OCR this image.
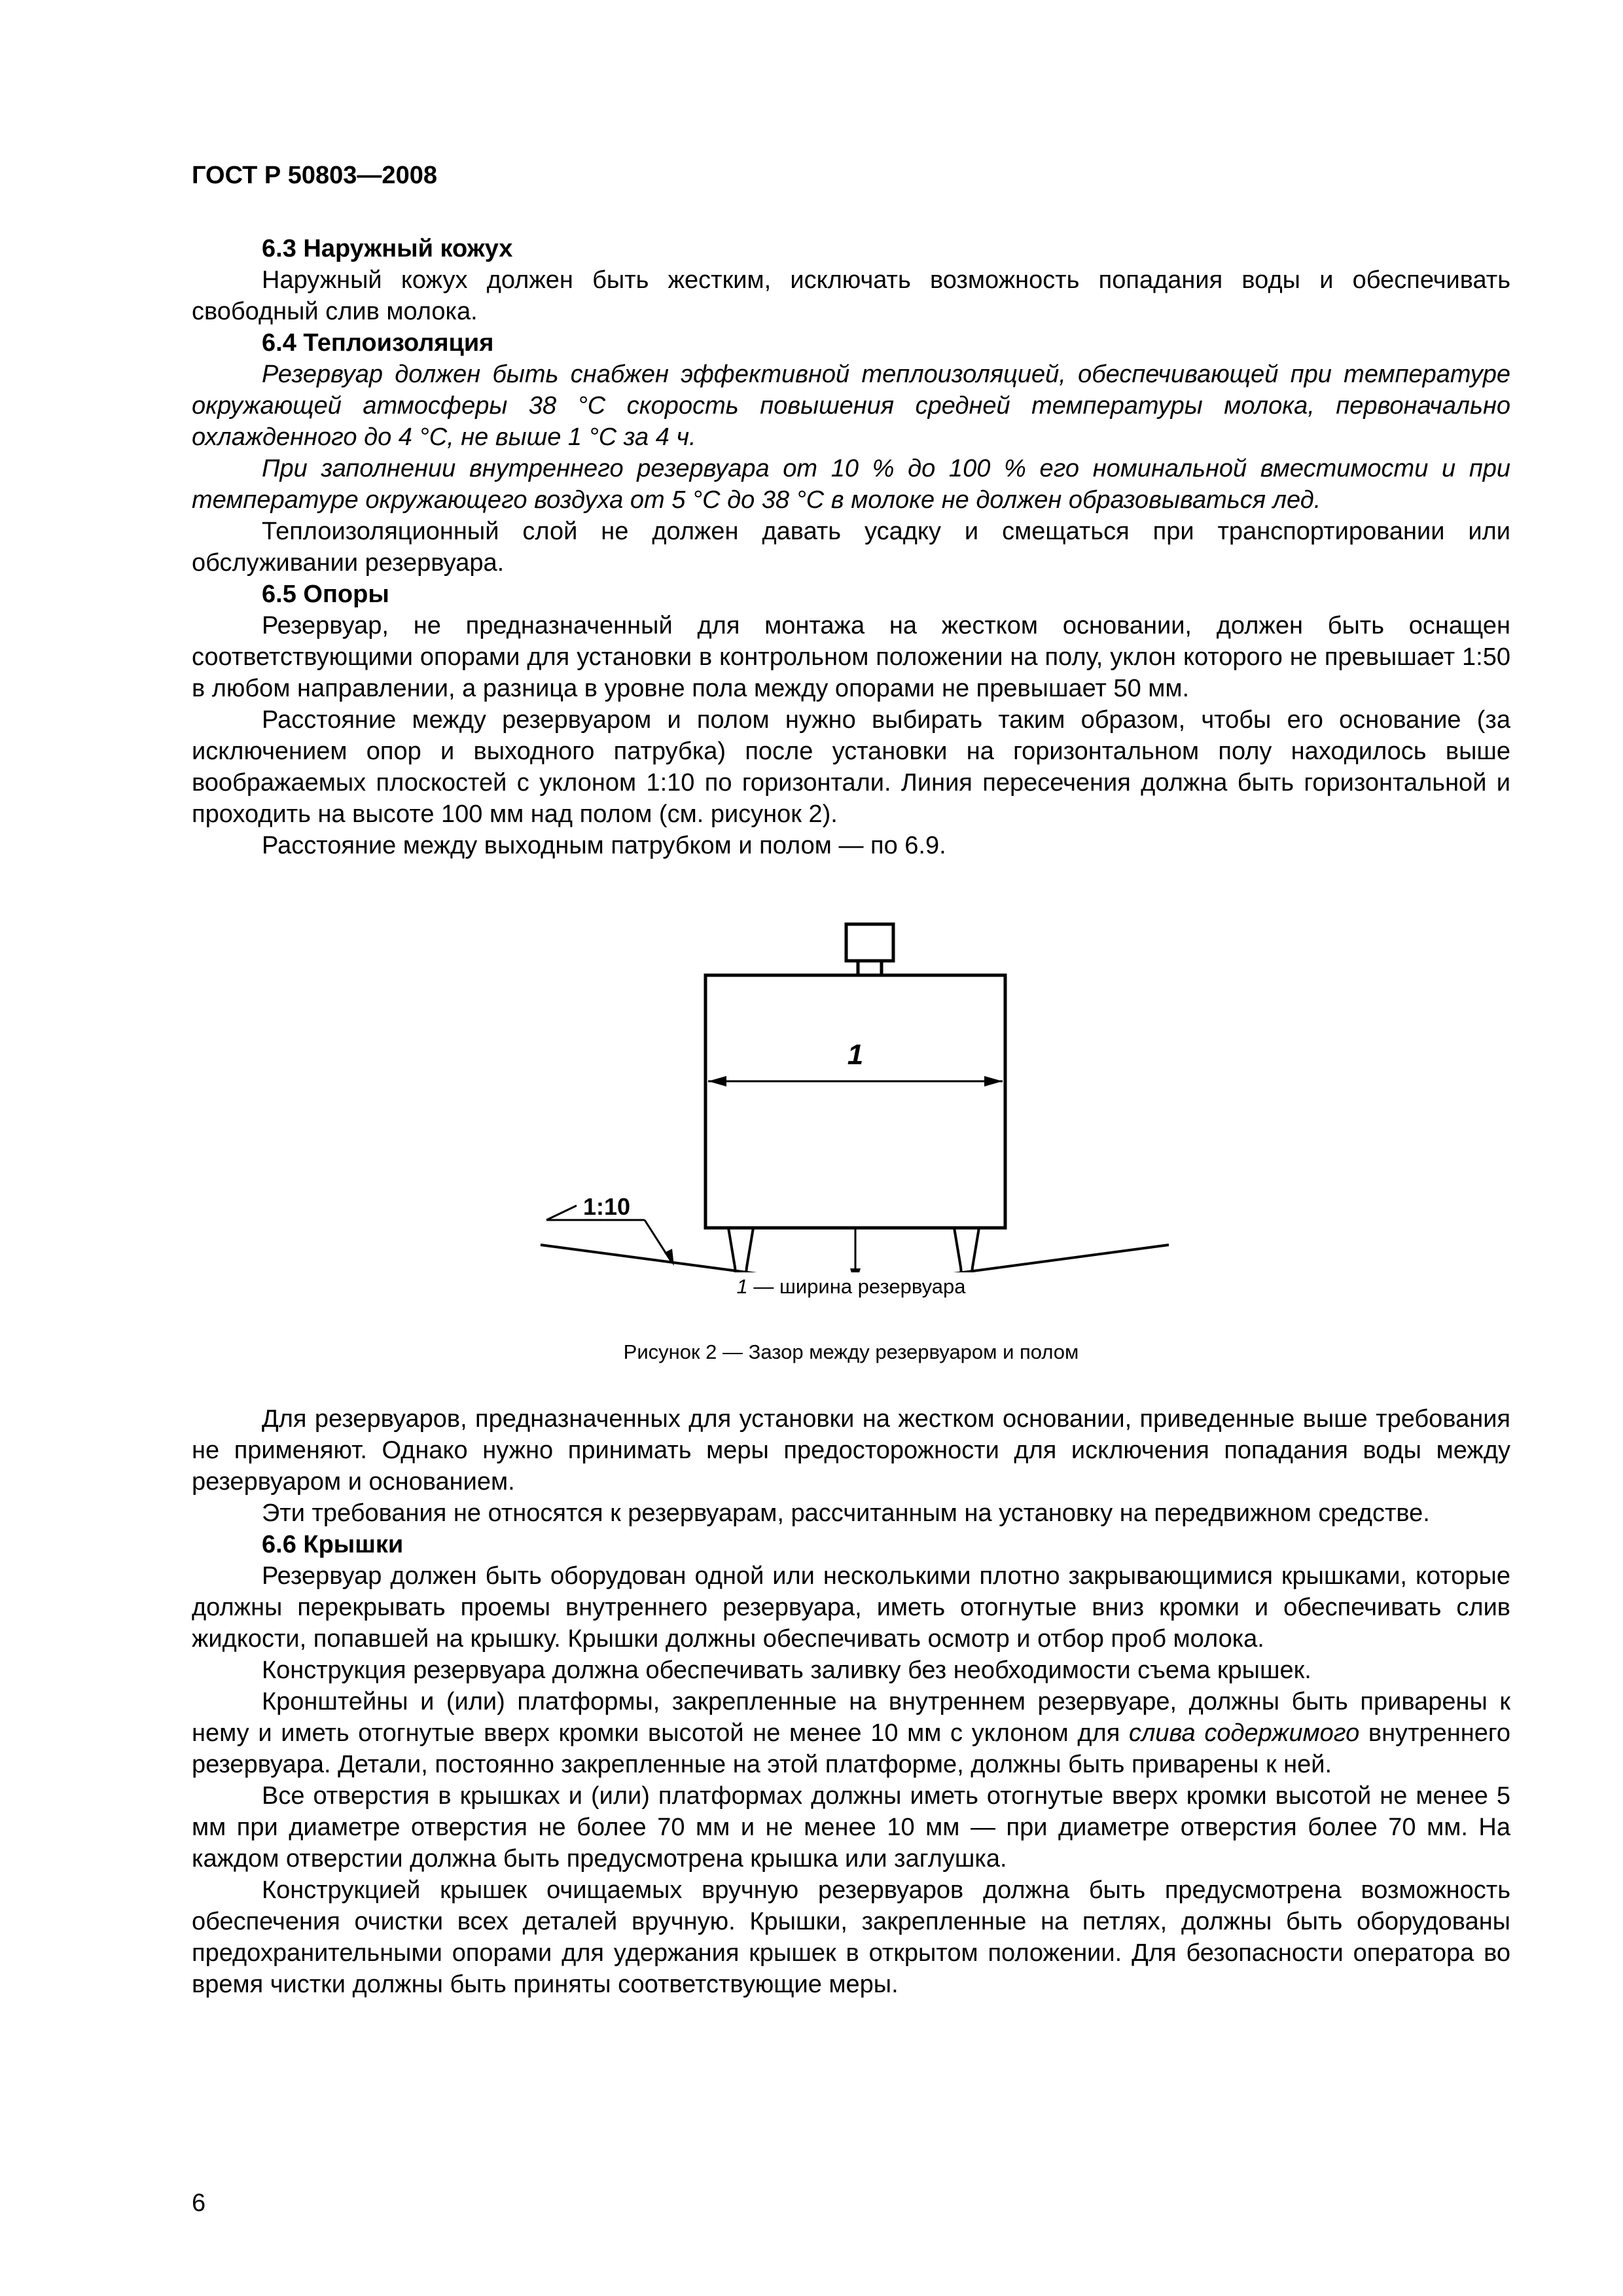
ГОСТ Р 50803—2008
6.3 Наружный кожух

Наружный кожух должен быть жестким, исключать возможность попадания воды и обеспечивать свободный слив молока.

6.4 Теплоизоляция

Резервуар должен быть снабжен эффективной теплоизоляцией, обеспечивающей при температуре окружающей атмосферы 38 °С скорость повышения средней температуры молока, первоначально охлажденного до 4 °С, не выше 1 °С за 4 ч.

При заполнении внутреннего резервуара от 10 % до 100 % его номинальной вместимости и при температуре окружающего воздуха от 5 °С до 38 °С в молоке не должен образовываться лед.

Теплоизоляционный слой не должен давать усадку и смещаться при транспортировании или обслуживании резервуара.

6.5 Опоры

Резервуар, не предназначенный для монтажа на жестком основании, должен быть оснащен соответствующими опорами для установки в контрольном положении на полу, уклон которого не превышает 1:50 в любом направлении, а разница в уровне пола между опорами не превышает 50 мм.

Расстояние между резервуаром и полом нужно выбирать таким образом, чтобы его основание (за исключением опор и выходного патрубка) после установки на горизонтальном полу находилось выше воображаемых плоскостей с уклоном 1:10 по горизонтали. Линия пересечения должна быть горизонтальной и проходить на высоте 100 мм над полом (см. рисунок 2).

Расстояние между выходным патрубком и полом — по 6.9.

1
1:10
1 — ширина резервуара
Рисунок 2 — Зазор между резервуаром и полом

Для резервуаров, предназначенных для установки на жестком основании, приведенные выше требования не применяют. Однако нужно принимать меры предосторожности для исключения попадания воды между резервуаром и основанием.

Эти требования не относятся к резервуарам, рассчитанным на установку на передвижном средстве.

6.6 Крышки

Резервуар должен быть оборудован одной или несколькими плотно закрывающимися крышками, которые должны перекрывать проемы внутреннего резервуара, иметь отогнутые вниз кромки и обеспечивать слив жидкости, попавшей на крышку. Крышки должны обеспечивать осмотр и отбор проб молока.

Конструкция резервуара должна обеспечивать заливку без необходимости съема крышек.

Кронштейны и (или) платформы, закрепленные на внутреннем резервуаре, должны быть приварены к нему и иметь отогнутые вверх кромки высотой не менее 10 мм с уклоном для слива содержимого внутреннего резервуара. Детали, постоянно закрепленные на этой платформе, должны быть приварены к ней.

Все отверстия в крышках и (или) платформах должны иметь отогнутые вверх кромки высотой не менее 5 мм при диаметре отверстия не более 70 мм и не менее 10 мм — при диаметре отверстия более 70 мм. На каждом отверстии должна быть предусмотрена крышка или заглушка.

Конструкцией крышек очищаемых вручную резервуаров должна быть предусмотрена возможность обеспечения очистки всех деталей вручную. Крышки, закрепленные на петлях, должны быть оборудованы предохранительными опорами для удержания крышек в открытом положении. Для безопасности оператора во время чистки должны быть приняты соответствующие меры.

6
